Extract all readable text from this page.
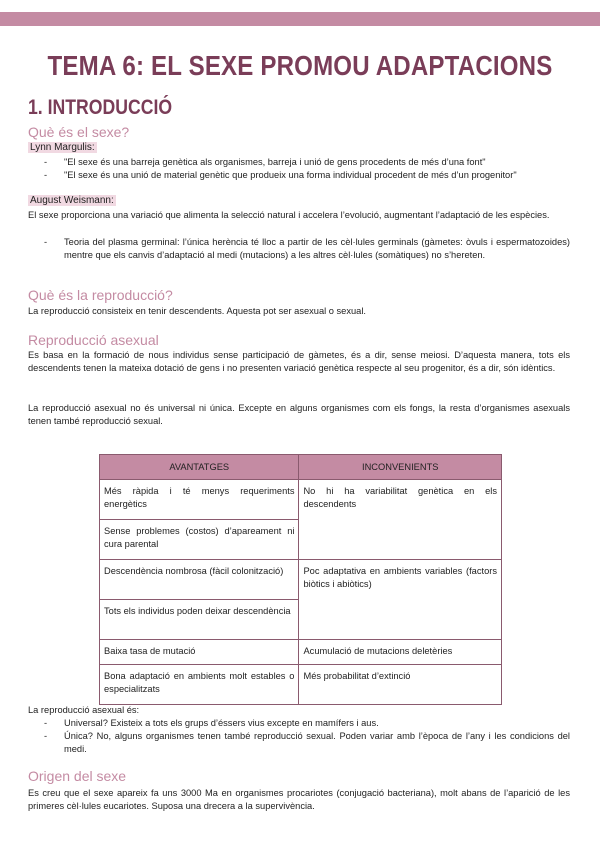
TEMA 6: EL SEXE PROMOU ADAPTACIONS
1. INTRODUCCIÓ
Què és el sexe?
Lynn Margulis:
- "El sexe és una barreja genètica als organismes, barreja i unió de gens procedents de més d’una font"
- "El sexe és una unió de material genètic que produeix una forma individual procedent de més d’un progenitor"
August Weismann:
El sexe proporciona una variació que alimenta la selecció natural i accelera l’evolució, augmentant l’adaptació de les espècies.
- Teoria del plasma germinal: l’única herència té lloc a partir de les cèl·lules germinals (gàmetes: òvuls i espermatozoides) mentre que els canvis d’adaptació al medi (mutacions) a les altres cèl·lules (somàtiques) no s’hereten.
Què és la reproducció?
La reproducció consisteix en tenir descendents. Aquesta pot ser asexual o sexual.
Reproducció asexual
Es basa en la formació de nous individus sense participació de gàmetes, és a dir, sense meiosi. D’aquesta manera, tots els descendents tenen la mateixa dotació de gens i no presenten variació genètica respecte al seu progenitor, és a dir, són idèntics.
La reproducció asexual no és universal ni única. Excepte en alguns organismes com els fongs, la resta d’organismes asexuals tenen també reproducció sexual.
AVANTATGES	INCONVENIENTS
Més ràpida i té menys requeriments energètics	No hi ha variabilitat genètica en els descendents
Sense problemes (costos) d’apareament ni cura parental	
Descendència nombrosa (fàcil colonització)	Poc adaptativa en ambients variables (factors biòtics i abiòtics)
Tots els individus poden deixar descendència	
Baixa tasa de mutació	Acumulació de mutacions deletèries
Bona adaptació en ambients molt estables o especialitzats	Més probabilitat d’extinció
La reproducció asexual és:
- Universal? Existeix a tots els grups d’éssers vius excepte en mamífers i aus.
- Única? No, alguns organismes tenen també reproducció sexual. Poden variar amb l’època de l’any i les condicions del medi.
Origen del sexe
Es creu que el sexe apareix fa uns 3000 Ma en organismes procariotes (conjugació bacteriana), molt abans de l’aparició de les primeres cèl·lules eucariotes. Suposa una drecera a la supervivència.
